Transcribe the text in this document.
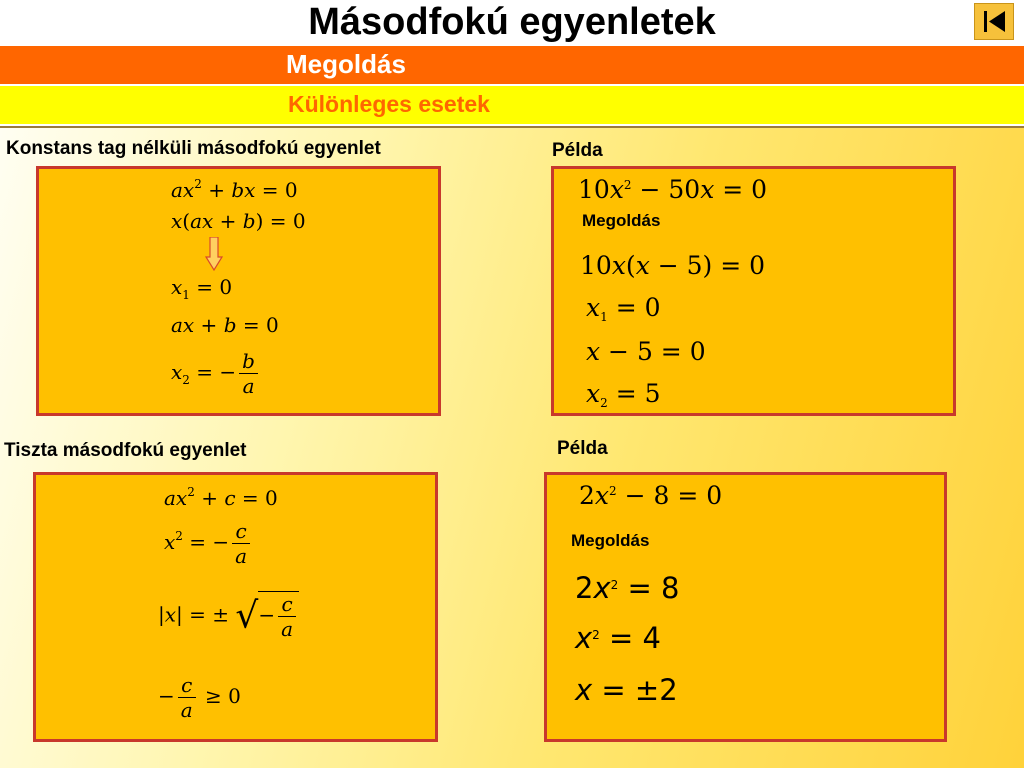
Másodfokú egyenletek
Megoldás
Különleges esetek
Konstans tag nélküli másodfokú egyenlet
$ax^2$ + bx = 0
x(ax + b) = 0
$x_1 = 0$
ax + b = 0
$x_2$ = − $\frac{b}{a}$
Példa
$10x^2 - 50x = 0$
Megoldás
10x(x − 5) = 0
$x_1 = 0$
x − 5 = 0
$x_2 = 5$
Tiszta másodfokú egyenlet
$ax^2 + c = 0$
$x^2$ = − $\frac{c}{a}$
|x| = ± √− $\frac{c}{a}$
− $\frac{c}{a} \ge 0$
Példa
$2x^2 - 8 = 0$
Megoldás
$2x^2 = 8$
$x^2 = 4$
x = ±2
